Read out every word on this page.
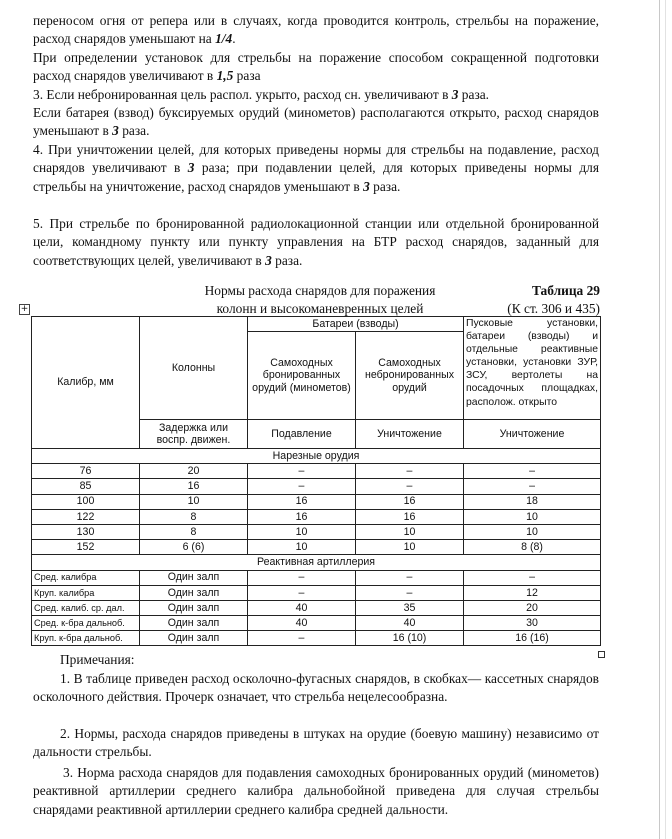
переносом огня от репера или в случаях, когда проводится контроль, стрельбы на поражение, расход снарядов уменьшают на 1/4.

При определении установок для стрельбы на поражение способом сокращенной подготовки расход снарядов увеличивают в 1,5 раза

3. Если небронированная цель распол. укрыто, расход сн. увеличивают в 3 раза.

Если батарея (взвод) буксируемых орудий (минометов) располагаются открыто, расход снарядов уменьшают в 3 раза.

4. При уничтожении целей, для которых приведены нормы для стрельбы на подавление, расход снарядов увеличивают в 3 раза; при подавлении целей, для которых приведены нормы для стрельбы на уничтожение, расход снарядов уменьшают в 3 раза.

5. При стрельбе по бронированной радиолокационной станции или отдельной бронированной цели, командному пункту или пункту управления на БТР расход снарядов, заданный для соответствующих целей, увеличивают в 3 раза.

Нормы расхода снарядов для поражения
колонн и высокоманевренных целей
Таблица 29
(К ст. 306 и 435)
+
Калибр, мм	Колонны	Батареи (взводы)		Пусковые установки, батареи (взводы) и отдельные реактивные установки, установки ЗУР, ЗСУ, вертолеты на посадочных площадках, располож. открыто
		Самоходных бронированных орудий (минометов)	Самоходных небронированных орудий	
	Задержка или воспр. движен.	Подавление	Уничтожение	Уничтожение
Нарезные орудия				
76	20	–	–	–
85	16	–	–	–
100	10	16	16	18
122	8	16	16	10
130	8	10	10	10
152	6 (6)	10	10	8 (8)
Реактивная артиллерия				
Сред. калибра	Один залп	–	–	–
Круп. калибра	Один залп	–	–	12
Сред. калиб. ср. дал.	Один залп	40	35	20
Сред. к-бра дальноб.	Один залп	40	40	30
Круп. к-бра дальноб.	Один залп	–	16 (10)	16 (16)
Примечания:

1. В таблице приведен расход осколочно-фугасных снарядов, в скобках— кассетных снарядов осколочного действия. Прочерк означает, что стрельба нецелесообразна.

2. Нормы, расхода снарядов приведены в штуках на орудие (боевую машину) независимо от дальности стрельбы.

3. Норма расхода снарядов для подавления самоходных бронированных орудий (минометов) реактивной артиллерии среднего калибра дальнобойной приведена для случая стрельбы снарядами реактивной артиллерии среднего калибра средней дальности.
